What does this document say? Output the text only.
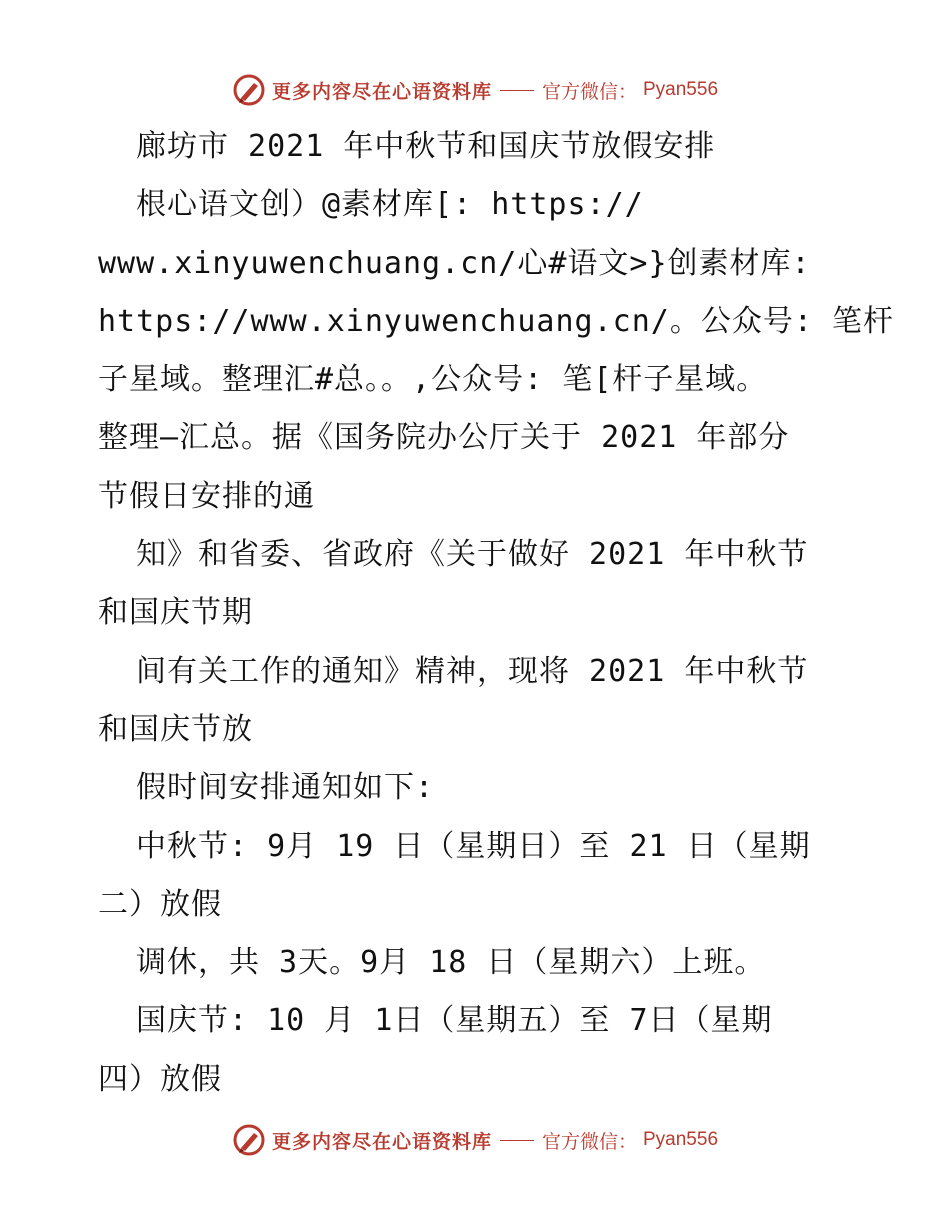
更多内容尽在心语资料库	官方微信： Pyan556
廊坊市 2021 年中秋节和国庆节放假安排
根心语文创）@素材库[: https://
www.xinyuwenchuang.cn/心#语文>}创素材库:
https://www.xinyuwenchuang.cn/。公众号: 笔杆
子星域。整理汇#总。。,公众号: 笔[杆子星域。
整理—汇总。据《国务院办公厅关于 2021 年部分
节假日安排的通
知》和省委、省政府《关于做好 2021 年中秋节
和国庆节期
间有关工作的通知》精神，现将 2021 年中秋节
和国庆节放
假时间安排通知如下:
中秋节: 9月 19 日（星期日）至 21 日（星期
二）放假
调休，共 3天。9月 18 日（星期六）上班。
国庆节: 10 月 1日（星期五）至 7日（星期
四）放假
更多内容尽在心语资料库	官方微信： Pyan556
